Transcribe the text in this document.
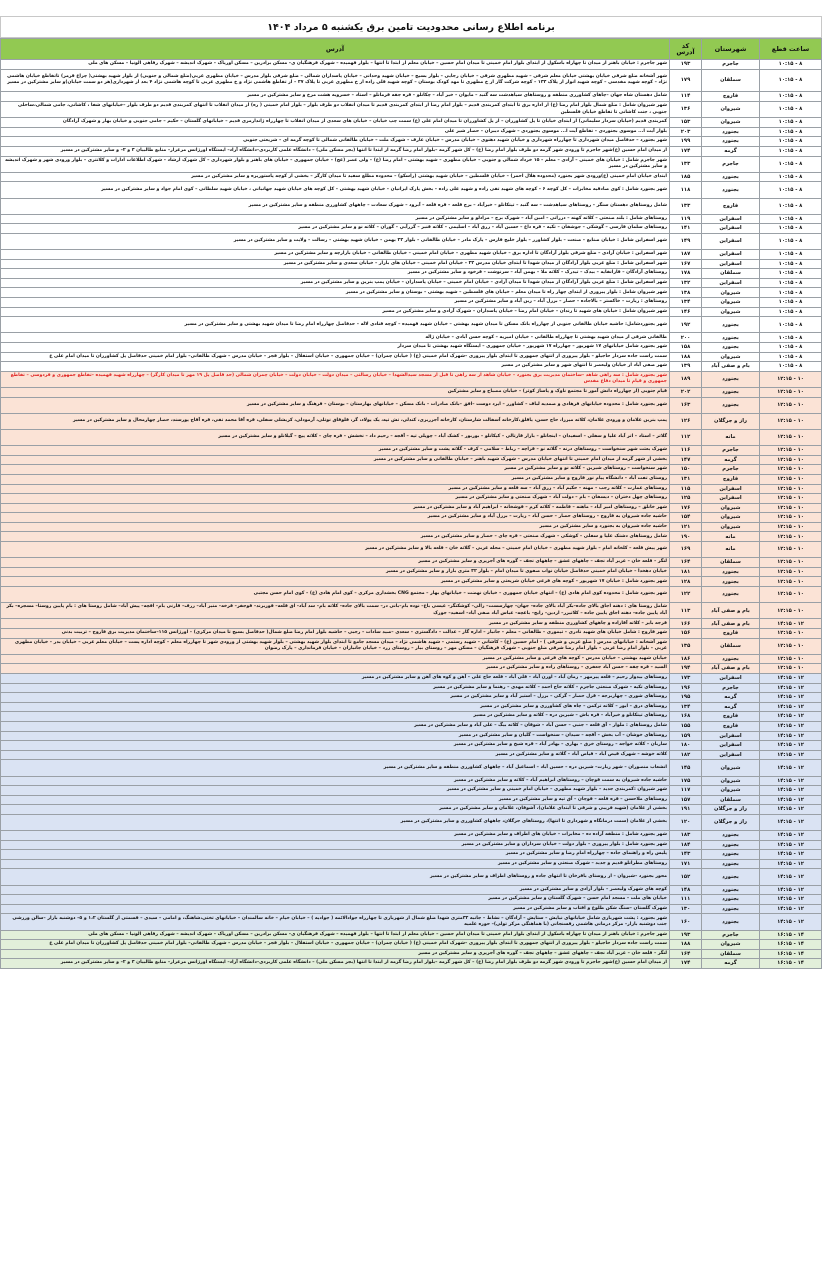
برنامه اطلاع رسانی محدودیت تامین برق یکشنبه ۵ مرداد ۱۴۰۴
ساعت قطع	شهرستان	کد آدرس	آدرس
۸ - ۱۰:۱۵	جاجرم	۱۹۳	شهر جاجرم : خیابان باهنر از میدان تا چهاراه باسکول از ابتدای بلوار امام خمینی تا میدان امام حسین – خیابان معلم از ابتدا تا انتها – بلوار فهمیده – شهرک فرهنگیان ی– مسکن برادرین – مسکن اوریاک – شهرک اندیشه – شهرک رفاهی الونیا – مسکن های ملی
۸ - ۱۰:۱۵	سملقان	۱۷۹	شهر آشخانه ضلع شرقی خیابان بهشتی خیابان معلم شرقی – شهید مطهری شرقی – خیابان رجایی – بلوار بسیج – خیابان شهید وحدانی – خیابان پاسداران شمالی – ضلع شرقی بلوار مدرس – خیابان مطهری غربی(ضلع شمالی و جنوبی) از بلوار شهید بهشتی( چراغ قرمز) تاتقاطع خیابان هاشمی نژاد – کوچه شهید مقدسی – کوچه شهید انوار از پلاک ۱۳۳ – کوچه شرکت گاز از خ مطهری تا مهد کودک بوستان – کوچه شهید قلی زاده از خ مطهری غربی تا پلاک ۳۷ – از تقاطع هاشمی نژاد و خ مطهری غربی تا کوچه هاشمی نژاد ۴ بعد از شهرداری(هر دو سمت خیابان)و سایر مشترکین در مسیر
۸ - ۱۰:۱۵	فاروج	۱۱۴	شامل دهستان شاه جهان –چاهای کشاورزی منطقه و روستاهای سیاهدشت سه گنبد – مایوان – خیر آباد – چکانلو – قره جقه فرمانلو – استاد – خسرویه هشت مرخ و سایر مشترکین در مسیر
۸ - ۱۰:۱۵	شیروان	۱۳۶	شهر شیروان شامل : ضلع شمال بلوار امام رضا (ع) از اداره برق تا ابتدای کمربندی قدیم – بلوار امام رضا از ابتدای کمربندی قدیم تا میدان انقلاب دو طرف بلوار – بلوار امام خمینی ( ره) از میدان انقلاب تا انتهای کمربندی قدیم دو طرف بلوار –خیابانهای شفا ، کاشانی، جامی شمالی،ساحلی جنوبی ، جنت کاشانی تا تقاطع خیابان فلسطین
۸ - ۱۰:۱۵	شیروان	۱۵۳	کمربندی قدیم (خیابان سردار سلیمانی) از ابتدای خیابان تا پل کشاورزان – از پل کشاورزان تا میدان امام علی (ع) سمت چپ خیابان – خیابان های سعدی از میدان انقلاب تا چهارراه ژاندارمری قدیم – خیابانهای گلستان – حکیم – جامی جنوبی و خیابان بهار و شهرک آزادگان
۸ - ۱۰:۱۵	بجنورد	۲۰۳	بلوار آیت ا... موسوی بجنوردی – تقاطع آیت ا... موسوی بجنوردی – شهرک دیبران – حصار شیر علی
۸ - ۱۰:۱۵	بجنورد	۱۹۹	شهر بجنورد – حدفاصل میدان شهرداری تا چهارراه شهرداری و خیابان شهید دهنوی – خیابان مدرس – خیابان عارف – شهرک ملت – خیابان طالقانی شمالی تا کوچه گرمه ای – شریعتی جنوبی
۸ - ۱۰:۱۵	گرمه	۱۷۴	از میدان امام حسین (ع)شهر جاجرم تا ورودی شهر گرمه دو طرف بلوار امام رضا (ع) – کل شهر گرمه –بلوار امام رضا گرمه از ابتدا تا انتها (بجز مسکن ملی) – دانشگاه علمی کاربردی–دانشگاه آزاد– ایستگاه اورژانس مرغزار– منابع طالبیان ۳ و ۲– و سایر مشترکین در مسیر
۸ - ۱۰:۱۵	جاجرم	۱۳۳	شهر جاجرم شامل : خیابان های خمینی – آزادی – معلم – ۱۵ خرداد شمالی و جنوبی – خیابان مطهری – شهید بهشتی – امام رضا (ع) – ولی عصر (عج) – خیابان جمهوری – خیابان های باهنر و بلوار شهرداری – کل شهرک ارشاد – شهرک اطلاعات ادارات و کلانتری – بلوار ورودی شهر و شهرک اندیشه و سایر مشترکین در مسیر
۸ - ۱۰:۱۵	بجنورد	۱۸۵	ابتدای خیابان امام خمینی (ع)ورودی شهر بجنورد (محدوده هلال احمر) – خیابان فلسطین – خیابان شهید بهشتی (راسکو) – محدوده مطلع سفید تا میدان کارگر – بخشی از کوچه پاستوریزه و سایر مشترکین در مسیر
۸ - ۱۰:۱۵	بجنورد	۱۱۸	شهر بجنورد شامل : کوی صادقیه مخابرات – کل کوچه ۶ – کوچه های شهید تقی زاده و شهید علی زاده – بخش پارک ایرانیان – خیابان شهید بهشتی – کل کوچه های خیابان شهید جهانبانی ، خیابان شهید سلطانی – کوی امام جواد و سایر مشترکین در مسیر
۸ - ۱۰:۱۵	فاروج	۱۳۳	شامل روستاهای دهستان سنگر – روستاهای سیاهدشت – سه گنبد – تیتکانلو – خیرآباد – برج قلعه – قره قلعه – آبرود – شهرک سعادت – چاههای کشاورزی منطقه و سایر مشترکین در مسیر
۸ - ۱۰:۱۵	اسفراین	۱۱۹	روستاهای شامل : بلند صنعتی – کلاته کهنه – دزراتی – امین آباد – شهرک برج – مرادلو و سایر مشترکین در مسیر
۸ - ۱۰:۱۵	اسفراین	۱۴۱	روستاهای سلمان فارسی – گوشکی – جوشقان – تکیه – قره داغ – حسین آباد – زرق آباد – اسلیمی – کلاته قنبر – گزرآبی – گوران – کلاته نو و سایر مشترکین در مسیر
۸ - ۱۰:۱۵	اسفراین	۱۴۹	شهر اسفراین شامل : خیابان صنایع – صنعت – بلوار کشاورز – بلوار خلیج فارس – پارک مادر – خیابان طالقانی – بلوار ۲۲ بهمن – خیابان شهید بهشتی – رسالت – ولایت و سایر مشترکین در مسیر
۸ - ۱۰:۱۵	اسفراین	۱۸۷	شهر اسفراین : خیابان آزادی – ضلع شرقی بلوار آزادگان تا اداره برق – خیابان شهید مطهری – خیابان امام خمینی – خیابان طالقانی – خیابان بازارچه و سایر مشترکین در مسیر
۸ - ۱۰:۱۵	اسفراین	۱۶۷	شهر اسفراین شامل : ضلع غربی بلوار آزادگان از میدان شهدا تا ابتدای خیابان مدرس ۲۲ – خیابان امام خمینی – خیابان های بازار – خیابان سعدی و سایر مشترکین در مسیر
۸ - ۱۰:۱۵	سملقان	۱۷۸	روستاهای آزادگان – قازانقایه – بیدک – تیدرک – کلاته ملا – بهمن آباد – سرنوشت – قرخود و سایر مشترکین در مسیر
۸ - ۱۰:۱۵	اسفراین	۱۳۲	شهر اسفراین شامل : ضلع غربی بلوار آزادگان از میدان شهدا تا میدان آزادی – خیابان امام خمینی – خیابان پاسداران – خیابان پمپ بنزین و سایر مشترکین در مسیر
۸ - ۱۰:۱۵	شیروان	۱۳۸	شهر شیروان شامل : بلوار پیروزی از ابتدای چهار راه تا میدان معلم – خیابان های فلسطین – شهید بهشتی – بوستان و سایر مشترکین در مسیر
۸ - ۱۰:۱۵	شیروان	۱۳۴	روستاهای : زیارت – خاکستر – بالاجاده – حصار – برزل آباد – زین آباد و سایر مشترکین در مسیر
۸ - ۱۰:۱۵	شیروان	۱۴۶	شهر شیروان شامل : خیابان های شهید تا زندان – خیابان امام رضا – خیابان پاسداران – شهرک آزادی و سایر مشترکین در مسیر
۸ - ۱۰:۱۵	بجنورد	۱۹۲	شهر بجنوردشامل: حاشیه خیابان طالقانی جنوبی از چهارراه بانک مسکن تا میدان شهید بهشتی – خیابان شهید فهمیده – کوچه قنادی لاله – حدفاصل چهارراه امام رضا تا میدان شهید بهشتی و سایر مشترکین در مسیر
۸ - ۱۰:۱۵	بجنورد	۲۰۰	طالقانی شرقی از میدان شهید بهشتی تا چهارراه طالقانی – خیابان امیریه – کوچه حسن آبادی – خیابان ژاله
۸ - ۱۰:۱۵	بجنورد	۱۵۸	شهر بجنورد شامل خیابانهای ۱۷ شهریور – چهارراه ۱۷ شهریور – خیابان جمهوری – ایستگاه شهید بهشتی تا میدان سردار
۸ - ۱۰:۱۵	شیروان	۱۸۸	سمت راست جاده سردار حاجیلو – بلوار پیروزی از انتهای جمهوری تا ابتدای بلوار پیروزی –شهرک امام خمینی (ع) ( خیابان چمران) – خیابان جمهوری – خیابان استقلال – بلوار فجر – خیابان مدرس – شهرک طالقانی– بلوار امام خمینی حدفاصل پل کشاورزان تا میدان امام علی ع
۸ - ۱۰:۱۵	بام و صفی آباد	۱۳۹	شهر صفی آباد از خیابان ولیعصر تا انتهای شهر و سایر مشترکین در مسیر
۱۰ - ۱۲:۱۵	بجنورد	۱۸۹	شهر بجنورد شامل : سه راهی شاهد –ساختمان مدیریت برق بجنورد – خیابان شاهد از سه راهی تا قبل از مسجد سیدالشهدا – خیابان رسالتی – میدان دولت – خیابان دولت – خیابان چمران شمالی (حد فاصل پل ۱۹ مهر تا میدان کارگر) – چهارراه شهید فهمیده –تقاطع جمهوری و فردوسی – تقاطع جمهوری و قیام تا میدان دفاع مقدس
۱۰ - ۱۲:۱۵	بجنورد	۲۰۲	قیام جنوبی (از چهارراه دانش آموز تا مجتمع ناوک و پاساژ کوثر) – خیابان مصباح و سایر مشترکین
۱۰ - ۱۲:۱۵	بجنورد	۱۶۳	شهر بجنورد شامل : محدوده خیابانهای فرهادی و صمدیه لباف – کشاورز – ایزد دوست –افق –بانک صادرات – بانک مسکن – خیابانهای بهارستان – بوستان – فرهنگ و سایر مشترکین در مسیر
۱۰ - ۱۲:۱۵	راز و جرگلان	۱۲۶	پمپ بنزین غلامان و ورودی غلامان، کلاته میرزا، حاج حسن، یاقلق،کارخانه آسفالت شارستان، کارخانه آجرریزی، کندلی، تش تپه، یک پولاد، گز، قلوقاق نوتلی، آرمودلی، کریشلی سفلی، قره آقا محمد تقی، قره آقاج پورسند، حصار چهارمحال و سایر مشترکین در مسیر
۱۰ - ۱۲:۱۵	مانه	۱۱۲	گلاتر – استاد – اتر آباد علیا و سفلی – اسفیدان – اینجانلو – بازار قارتالی – کیکانلو – بوربور – کشک آباد – چوپلی تپه – آقجه – رحیم داد – نخشش – قره چای – کلاته پیچ – گیلانلو و سایر مشترکین در مسیر
۱۰ - ۱۲:۱۵	جاجرم	۱۱۶	شهرک بعثت شهر سنخواست – روستاهای درنه – گلاته نو – قراچه – رباط – سلامی – کرف – گلاته پشت و سایر مشترکین در مسیر
۱۰ - ۱۲:۱۵	گرمه	۱۴۷	بخشی از شهر گرمه از میدان امام خمینی تا انتهای خیابان مدرس – شهرک شهید باهنر – خیابان طالقانی و سایر مشترکین در مسیر
۱۰ - ۱۲:۱۵	جاجرم	۱۵۰	شهر سنخواست – روستاهای شیرین – کلاته نو و سایر مشترکین در مسیر
۱۰ - ۱۲:۱۵	فاروج	۱۳۱	روستای تفت آباد – دانشگاه پیام نور فاروج و سایر مشترکین در مسیر
۱۰ - ۱۲:۱۵	اسفراین	۱۱۵	روستاهای عمارت – کلاته رجب – مهنه – حکیم آباد – زرق آباد – سه قلعه و سایر مشترکین در مسیر
۱۰ - ۱۲:۱۵	اسفراین	۱۲۵	روستاهای چهل دختران – دیسفان – بام – دولت آباد – شهرک صنعتی و سایر مشترکین در مسیر
۱۰ - ۱۲:۱۵	شیروان	۱۷۶	شهر خانلق – روستاهای امیر آباد – ماهنه – فاطمه – کلاته کرم – قوشخانه – ابراهیم آباد و سایر مشترکین در مسیر
۱۰ - ۱۲:۱۵	شیروان	۱۵۴	حاشیه جاده شیروان به فاروج – روستاهای حصار – حسن آباد – زیارت – برزل آباد و سایر مشترکین در مسیر
۱۰ - ۱۲:۱۵	شیروان	۱۲۱	حاشیه جاده شیروان به بجنورد و سایر مشترکین در مسیر
۱۰ - ۱۲:۱۵	مانه	۱۹۰	شامل روستاهای دشتک علیا و سفلی – کوشکی – شهرک صنعتی – قره چای – حصار و سایر مشترکین در مسیر
۱۰ - ۱۲:۱۵	مانه	۱۶۹	شهر پیش قلعه – کلخانه امام – بلوار شهید مطهری – خیابان امام خمینی – محله غربی – گلاته خان – قلعه بالا و سایر مشترکین در مسیر
۱۰ - ۱۲:۱۵	سملقان	۱۶۴	لنگر – قلعه خان – عزیز آباد نجف – چاههای عشق – چاههای نجف – گوره های آجرپزی و سایر مشترکین در مسیر
۱۰ - ۱۲:۱۵	بجنورد	۱۸۱	خیابان دهخدا – خیابان امام خمینی حدفاصل خیابان نواب صفوی تا میدان امام – بلوار ۳۲ متری بازار و سایر مشترکین در مسیر
۱۰ - ۱۲:۱۵	بجنورد	۱۲۸	شهر بجنورد شامل : خیابان ۱۷ شهریور – کوچه های فرعی خیابان شریعتی و سایر مشترکین در مسیر
۱۰ - ۱۲:۱۵	بجنورد	۱۲۲	شهر بجنورد شامل : محدوده کوی امام هادی (ع) – انتهای خیابان جمهوری – خیابان نهضت – خیابانهای بهار – مجتمع CNG بخشداری مرکزی – کوی امام هادی (ع) – کوی امام حسن مجتبی
۱۰ - ۱۲:۱۵	بام و صفی آباد	۱۱۳	شامل روستا های : دهنه اجاق بالای جاده–بکر آباد بالای جاده– جهان– چهارسست– زالی– کوشکنگر– عیسی باغ– نوده بام–بانی در– سمت بالای جاده– کلاته بام– سد آباد– اق قلعه– قوزبرند– قوجقر– قرخه– منیر آباد– زرف– قارنی بام– اقچه– پیش آباد– شامل روستا های : بام پایین روستا– مسجره– بکر آباد پایین جاده– دهنه اجاق پایین جاده – کلاتیزر– اردین– رابج– باغچه– عباس آباد صفی آباد– اسفید– جوزک
۱۲ - ۱۴:۱۵	بام و صفی آباد	۱۶۶	قرجه بایر – کلاته آقازاده و چاههای کشاورزی منطقه و سایر مشترکین در مسیر
۱۰ - ۱۲:۱۵	فاروج	۱۵۶	شهر فاروج : شامل خیابان های شهید نادری – تیموری – طالقانی – معلم – جانباز – اداره گاز – عدالت – دادگستری – سعدی –صید سادات – رجبی – حاشیه بلوار امام رضا ضلع شمال( حدفاصل بسیج تا میدان مرکزی) – اورژانس ۱۱۵–ساختمان مدیریت برق فاروج – تربیت بدنی
۱۰ - ۱۲:۱۵	سملقان	۱۳۵	شهر آشخانه : خیابانهای مدرس ( ضلع غربی و شرقی ) – امام حسین (ع) – کاشانی – شهید رستمی – شهید هاشمی نژاد – میدان مسجد جامع تا ابتدای بلوار شهید بهشتی – بلوار شهید بهشتی از ورودی شهر تا چهارراه معلم – کوچه اداره پست – خیابان معلم غربی – خیابان بدر – خیابان مطهری غربی – بلوار امام رضا غربی – بلوار امام رضا شرقی ضلع جنوبی – شهرک فرهنگیان – مسکن مهر – روستای بیار – روستای زرد – خیابان جانبازان – خیابان فرمانداری – پارک رضوان
۱۰ - ۱۲:۱۵	بجنورد	۱۸۶	خیابان شهید بهشتی – خیابان مدرس – کوچه های فرعی و سایر مشترکین در مسیر
۱۰ - ۱۲:۱۵	بام و صفی آباد	۱۹۴	السید – قره چقه – حسن آباد جعفری – روستاهای زاده و سایر مشترکین در مسیر
۱۲ - ۱۴:۱۵	اسفراین	۱۷۳	روستاهای بیدواز رحیم – قلعه پیرمهر – زمان آباد – اوزن آباد – قلی آباد – قلعه حاج علی – آهن و کوه های آهن و سایر مشترکین در مسیر
۱۲ - ۱۴:۱۵	جاجرم	۱۹۶	روستاهای تکیه – شهرک صنعتی جاجرم – کلاته حاج احمد – کلاته مهدی – رهنما و سایر مشترکین در مسیر
۱۲ - ۱۴:۱۵	گرمه	۱۹۵	روستاهای شوری – چهاربرجه – قزل حصار – گرکی – برزل – استیر آباد و سایر مشترکین در مسیر
۱۲ - ۱۴:۱۵	گرمه	۱۳۴	روستاهای درق – ایور – کلاته ترکمن – چاه های کشاورزی و سایر مشترکین در مسیر
۱۲ - ۱۴:۱۵	فاروج	۱۶۸	روستاهای تیتکانلو و خیرآباد – قره باش – شیرین دره – کلاته و سایر مشترکین در مسیر
۱۲ - ۱۴:۱۵	فاروج	۱۵۵	شامل روستاهای : ملوار – آق قلعه – جنبی – حسن آباد – شوقان – کلاته بیگ – علی آباد و سایر مشترکین در مسیر
۱۲ - ۱۴:۱۵	اسفراین	۱۵۹	روستاهای خوشان – آب بخش – آقچه – سیدان – سنخواست – گلیان و سایر مشترکین در مسیر
۱۲ - ۱۴:۱۵	اسفراین	۱۸۰	ساربان – کلاته خواجه – روستای خرق – بهاری – بهادر آباد – قره شیخ و سایر مشترکین در مسیر
۱۲ - ۱۴:۱۵	اسفراین	۱۸۲	کلاته خوشه – شهرک فیض آباد – فیاض آباد – گلاته و سایر مشترکین در مسیر
۱۲ - ۱۴:۱۵	شیروان	۱۴۵	انشعاب منصوران – شهر زیارت– شیرین دره – حسین آباد – اسماعیل آباد – چاههای کشاورزی منطقه و سایر مشترکین در مسیر
۱۲ - ۱۴:۱۵	شیروان	۱۷۵	حاشیه جاده شیروان به سمت قوچان – روستاهای ابراهیم آباد – کلاته و سایر مشترکین در مسیر
۱۲ - ۱۴:۱۵	شیروان	۱۱۷	شهر شیروان :کمربندی جدید – بلوار شهید مطهری – خیابان امام خمینی و سایر مشترکین در مسیر
۱۲ - ۱۴:۱۵	سملقان	۱۵۷	روستاهای ملاحسن – قره قلعه – قوچان – آق تپه و سایر مشترکین در مسیر
۱۲ - ۱۴:۱۵	راز و جرگلان	۱۹۱	بخشی از غلامان (شهید فریبی و شرقی تا ابتدای غلامان)، آشوقان، غلامان و سایر مشترکین در مسیر
۱۲ - ۱۴:۱۵	راز و جرگلان	۱۲۰	بخشی از غلامان (سمت درمانگاه و شهرداری تا انتها)، روستاهای جرگلان، چاههای کشاورزی و سایر مشترکین در مسیر
۱۲ - ۱۴:۱۵	بجنورد	۱۸۳	شهر بجنورد شامل : منطقه آزاده ده – مخابرات – خیابان های اطراف و سایر مشترکین در مسیر
۱۲ - ۱۴:۱۵	بجنورد	۱۸۴	شهر بجنورد شامل : بلوار پیروزی – بلوار دولت – خیابان سرداران و سایر مشترکین در مسیر
۱۲ - ۱۴:۱۵	بجنورد	۱۴۳	پلیس راه و راهنمای جاده – چهارراه امام رضا و سایر مشترکین در مسیر
۱۲ - ۱۴:۱۵	بجنورد	۱۷۱	روستاهای مطرانلو قدیم و جدید – شهرک صنعتی و سایر مشترکین در مسیر
۱۲ - ۱۴:۱۵	بجنورد	۱۵۲	محور بجنورد –شیروان – از روستای باقرخان تا انتهای جاده و روستاهای اطراف و سایر مشترکین در مسیر
۱۲ - ۱۴:۱۵	بجنورد	۱۴۸	کوچه های شهرک ولیعصر – بلوار آزادی و سایر مشترکین در مسیر
۱۲ - ۱۴:۱۵	بجنورد	۱۱۱	خیابان های ملت – مسجد امام حسن – شهرک گلستان و سایر مشترکین در مسیر
۱۲ - ۱۴:۱۵	بجنورد	۱۳۰	شهرک گلستان –سنگ شکن طلوع و افتاب و سایر مشترکین در مسیر
۱۲ - ۱۴:۱۵	بجنورد	۱۶۰	شهر بجنورد : پشت شهربازی شامل خیابانهای نیایش – ستایش – آزادگان – نشاط – جانبه ۳۲متری شهدا ضلع شمال از شهربازی تا چهارراه جوادالائمه ( جوادیه ) – خیابان خیام – خانه سالمندان – خیابانهای تختی،شاهنگ، و امامی – سیدی – قسمتی از گلستان ۱،۲ و ۵– دوشنبه بازار –سالن ورزشی جنب دوشنبه بازار– مرکز درمانی هاشمی رفسنجانی (با هماهنگی مرکز تولی)– حوزه علمیه
۱۴ - ۱۶:۱۵	جاجرم	۱۹۳	شهر جاجرم : خیابان باهنر از میدان تا چهاراه باسکول از ابتدای بلوار امام خمینی تا میدان امام حسین – خیابان معلم از ابتدا تا انتها – بلوار فهمیده – شهرک فرهنگیان ی– مسکن برادرین – مسکن اوریاک – شهرک اندیشه – شهرک رفاهی الونیا – مسکن های ملی
۱۴ - ۱۶:۱۵	شیروان	۱۸۸	سمت راست جاده سردار حاجیلو – بلوار پیروزی از انتهای جمهوری تا ابتدای بلوار پیروزی –شهرک امام خمینی (ع) ( خیابان چمران) – خیابان جمهوری – خیابان استقلال – بلوار فجر – خیابان مدرس – شهرک طالقانی– بلوار امام خمینی حدفاصل پل کشاورزان تا میدان امام علی ع
۱۴ - ۱۶:۱۵	سملقان	۱۶۴	لنگر – قلعه خان – عزیز آباد نجف – چاههای عشق – چاههای نجف – گوره های آجرپزی و سایر مشترکین در مسیر
۱۴ - ۱۶:۱۵	گرمه	۱۷۴	از میدان امام حسین (ع)شهر جاجرم تا ورودی شهر گرمه دو طرف بلوار امام رضا (ع) – کل شهر گرمه –بلوار امام رضا گرمه از ابتدا تا انتها (بجز مسکن ملی) – دانشگاه علمی کاربردی–دانشگاه آزاد– ایستگاه اورژانس مرغزار– منابع طالبیان ۳ و ۲– و سایر مشترکین در مسیر
